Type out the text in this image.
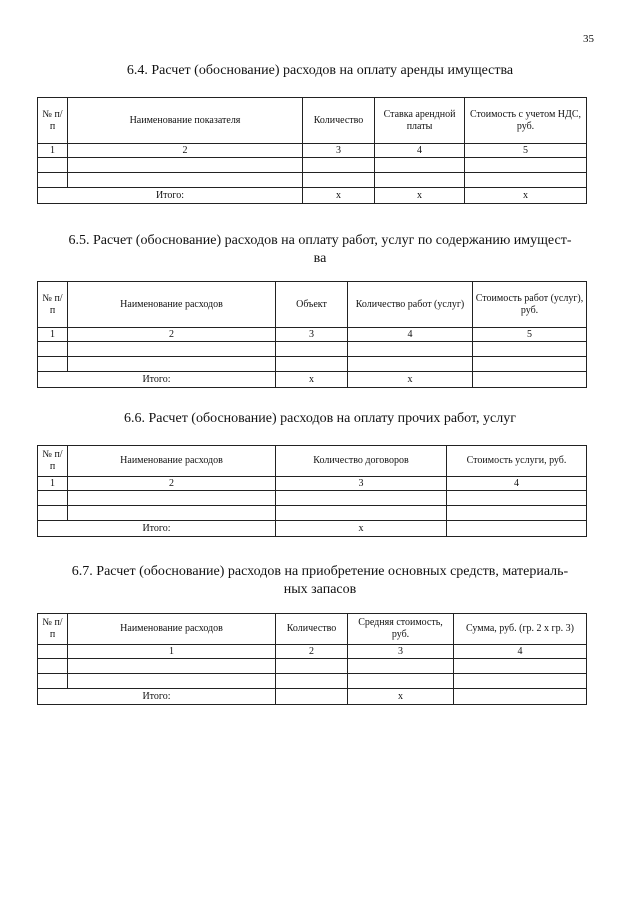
35
6.4. Расчет (обоснование) расходов на оплату аренды имущества
№ п/п	Наименование показателя	Количество	Ставка арендной платы	Стоимость с учетом НДС, руб.
1	2	3	4	5

Итого:		х	х	х
6.5. Расчет (обоснование) расходов на оплату работ, услуг по содержанию имущест-
ва
№ п/п	Наименование расходов	Объект	Количество работ (услуг)	Стоимость работ (услуг), руб.
1	2	3	4	5

Итого:		х	х	
6.6. Расчет (обоснование) расходов на оплату прочих работ, услуг
№ п/п	Наименование расходов	Количество договоров	Стоимость услуги, руб.
1	2	3	4

Итого:		х	
6.7. Расчет (обоснование) расходов на приобретение основных средств, материаль-
ных запасов
№ п/п	Наименование расходов	Количество	Средняя стоимость, руб.	Сумма, руб. (гр. 2 х гр. 3)
	1	2	3	4

Итого:			х	
